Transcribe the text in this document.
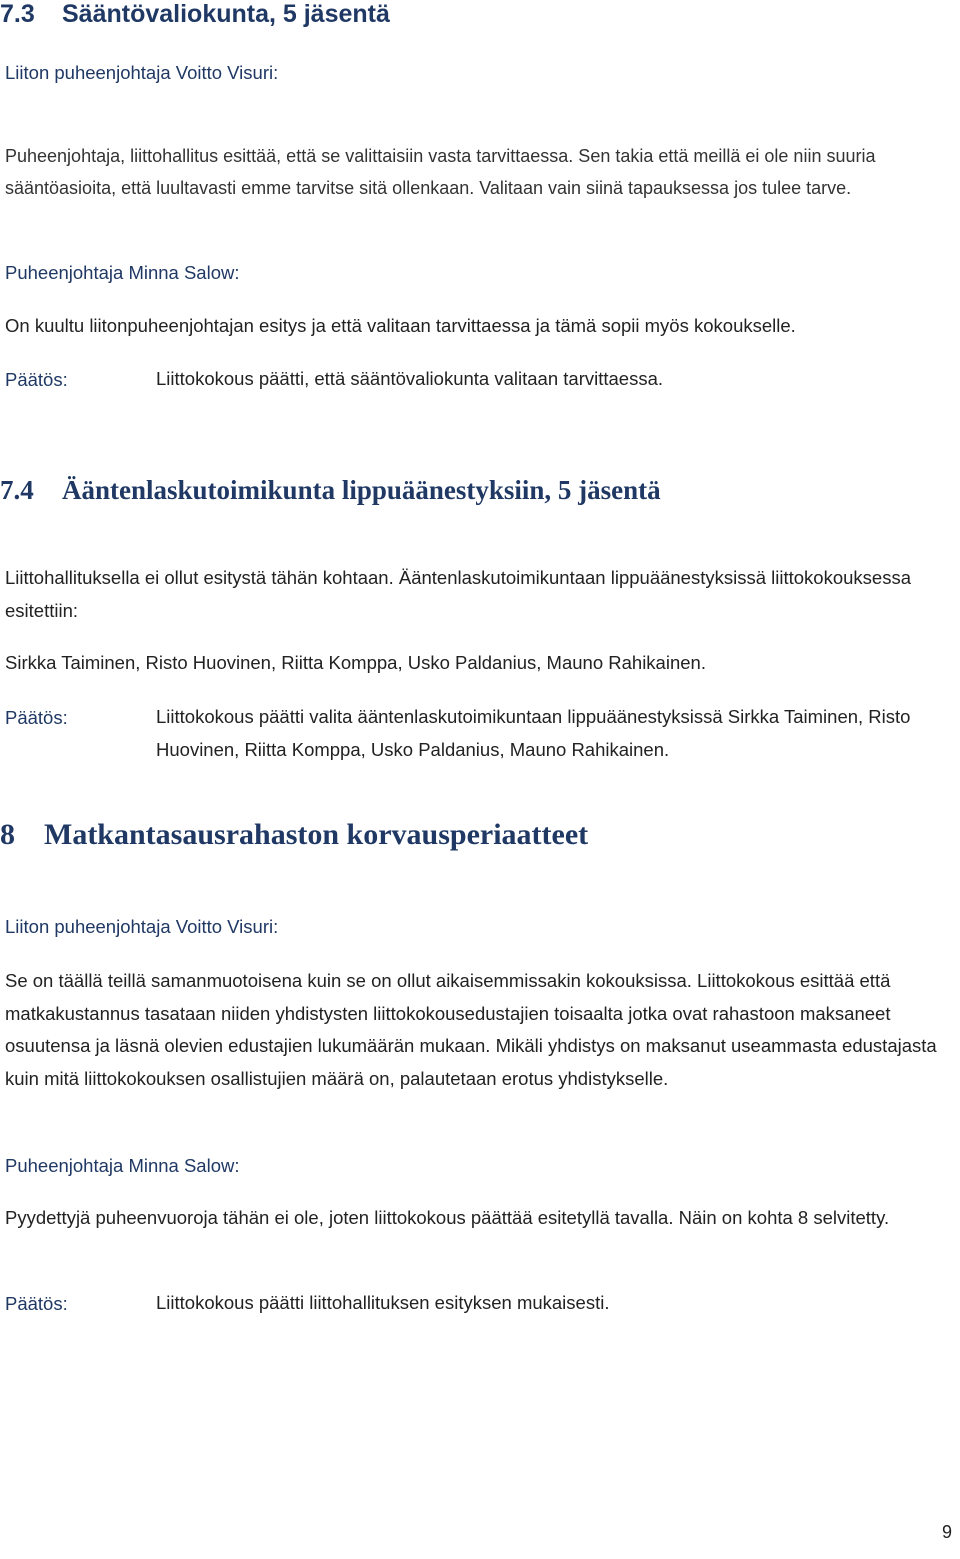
7.3 Sääntövaliokunta, 5 jäsentä

Liiton puheenjohtaja Voitto Visuri:

Puheenjohtaja, liittohallitus esittää, että se valittaisiin vasta tarvittaessa. Sen takia että meillä ei ole niin suuria sääntöasioita, että luultavasti emme tarvitse sitä ollenkaan. Valitaan vain siinä tapauksessa jos tulee tarve.

Puheenjohtaja Minna Salow:

On kuultu liitonpuheenjohtajan esitys ja että valitaan tarvittaessa ja tämä sopii myös kokoukselle.

Päätös:	Liittokokous päätti, että sääntövaliokunta valitaan tarvittaessa.

7.4 Ääntenlaskutoimikunta lippuäänestyksiin, 5 jäsentä

Liittohallituksella ei ollut esitystä tähän kohtaan. Ääntenlaskutoimikuntaan lippuäänestyksissä liittokokouksessa esitettiin:

Sirkka Taiminen, Risto Huovinen, Riitta Komppa, Usko Paldanius, Mauno Rahikainen.

Päätös:	Liittokokous päätti valita ääntenlaskutoimikuntaan lippuäänestyksissä Sirkka Taiminen, Risto Huovinen, Riitta Komppa, Usko Paldanius, Mauno Rahikainen.

8 Matkantasausrahaston korvausperiaatteet

Liiton puheenjohtaja Voitto Visuri:

Se on täällä teillä samanmuotoisena kuin se on ollut aikaisemmissakin kokouksissa. Liittokokous esittää että matkakustannus tasataan niiden yhdistysten liittokokousedustajien toisaalta jotka ovat rahastoon maksaneet osuutensa ja läsnä olevien edustajien lukumäärän mukaan. Mikäli yhdistys on maksanut useammasta edustajasta kuin mitä liittokokouksen osallistujien määrä on, palautetaan erotus yhdistykselle.

Puheenjohtaja Minna Salow:

Pyydettyjä puheenvuoroja tähän ei ole, joten liittokokous päättää esitetyllä tavalla. Näin on kohta 8 selvitetty.

Päätös:	Liittokokous päätti liittohallituksen esityksen mukaisesti.

9
